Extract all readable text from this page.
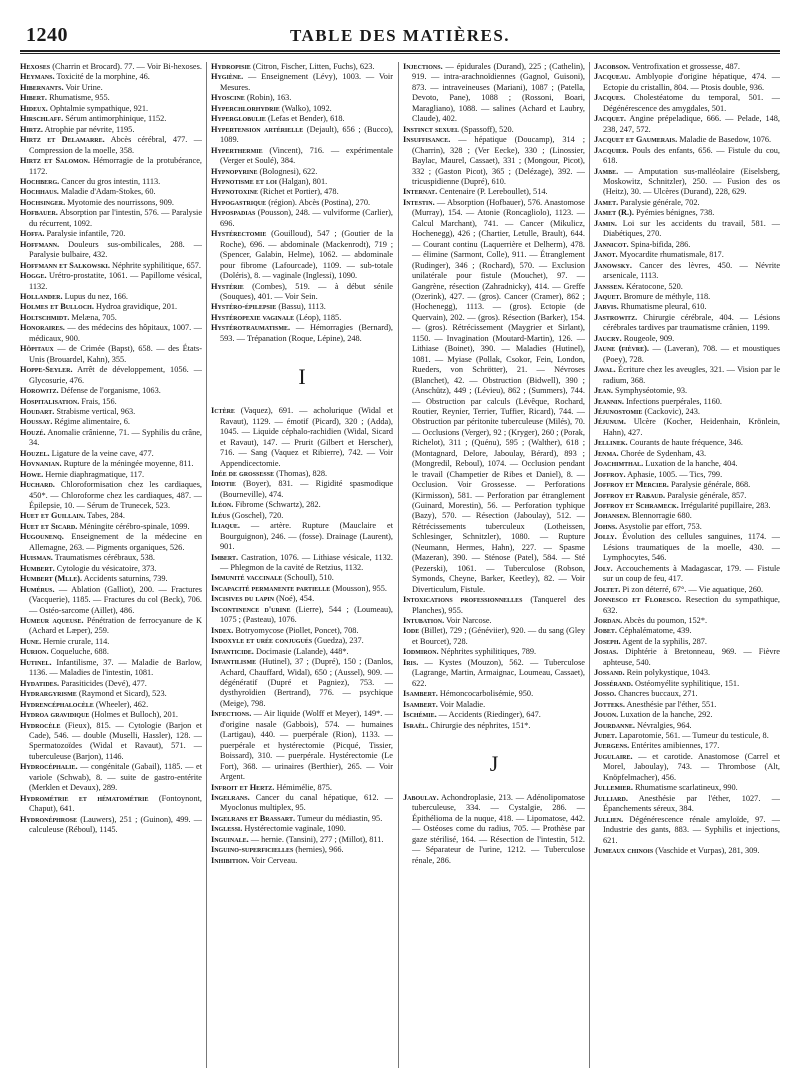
1240	TABLE DES MATIÈRES.

Hexoses (Charrin et Brocard). 77. — Voir Bi-hexoses.

Heymans. Toxicité de la morphine, 46.

Hibernants. Voir Urine.

Hibert. Rhumatisme, 955.

Hideux. Ophtalmie sympathique, 921.

Hirschlaff. Sérum antimorphinique, 1152.

Hirtz. Atrophie par névrite, 1195.

Hirtz et Delamarre. Abcès cérébral, 477. — Compression de la moelle, 358.

Hirtz et Salomon. Hémorragie de la protubérance, 1172.

Hochberg. Cancer du gros intestin, 1113.

Hochhaus. Maladie d'Adam-Stokes, 60.

Hochsinger. Myotomie des nourrissons, 909.

Hofbauer. Absorption par l'intestin, 576. — Paralysie du récurrent, 1092.

Hoffa. Paralysie infantile, 720.

Hoffmann. Douleurs sus-ombilicales, 288. — Paralysie bulbaire, 432.

Hoffmann et Salkowski. Néphrite syphilitique, 657.

Hogge. Urétro-prostatite, 1061. — Papillome vésical, 1132.

Hollander. Lupus du nez, 166.

Holmes et Bulloch. Hydroa gravidique, 201.

Holtschmidt. Melæna, 705.

Honoraires. — des médecins des hôpitaux, 1007. — médicaux, 900.

Hôpitaux — de Crimée (Bapst), 658. — des États-Unis (Brouardel, Kahn), 355.

Hoppe-Seyler. Arrêt de développement, 1056. — Glycosurie, 476.

Horowitz. Défense de l'organisme, 1063.

Hospitalisation. Frais, 156.

Houdart. Strabisme vertical, 963.

Houssay. Régime alimentaire, 6.

Houzé. Anomalie crânienne, 71. — Syphilis du crâne, 34.

Houzel. Ligature de la veine cave, 477.

Hovnanian. Rupture de la méningée moyenne, 811.

Howe. Hernie diaphragmatique, 117.

Huchard. Chloroformisation chez les cardiaques, 450*. — Chloroforme chez les cardiaques, 487. — Épilepsie, 10. — Sérum de Trunecek, 523.

Huet et Guillain. Tabes, 284.

Huet et Sicard. Méningite cérébro-spinale, 1099.

Hugounenq. Enseignement de la médecine en Allemagne, 263. — Pigments organiques, 526.

Huisman. Traumatismes cérébraux, 538.

Humbert. Cytologie du vésicatoire, 373.

Humbert (Mlle). Accidents saturnins, 739.

Humérus. — Ablation (Galliot), 200. — Fractures (Vacquerie), 1185. — Fractures du col (Beck), 706. — Ostéo-sarcome (Aillet), 486.

Humeur aqueuse. Pénétration de ferrocyanure de K (Achard et Læper), 259.

Hune. Hernie crurale, 114.

Hurion. Coqueluche, 688.

Hutinel. Infantilisme, 37. — Maladie de Barlow, 1136. — Maladies de l'intestin, 1081.

Hydatides. Parasiticides (Devé), 477.

Hydrargyrisme (Raymond et Sicard), 523.

Hydrencéphalocèle (Wheeler), 462.

Hydroa gravidique (Holmes et Bulloch), 201.

Hydrocèle (Fieux), 815. — Cytologie (Barjon et Cade), 546. — double (Muselli, Hassler), 128. — Spermatozoïdes (Widal et Ravaut), 571. — tuberculeuse (Barjon), 1146.

Hydrocéphalie. — congénitale (Gabail), 1185. — et variole (Schwab), 8. — suite de gastro-entérite (Merklen et Devaux), 289.

Hydrométrie et hématométrie (Fontoynont, Chaput), 641.

Hydronéphrose (Lauwers), 251 ; (Guinon), 499. — calculeuse (Réboul), 1145.

Hydropisie (Citron, Fischer, Litten, Fuchs), 623.

Hygiène. — Enseignement (Lévy), 1003. — Voir Mesures.

Hyoscine (Robin), 163.

Hyperchlorhydrie (Walko), 1092.

Hyperglobulie (Lefas et Bender), 618.

Hypertension artérielle (Dejault), 656 ; (Bucco), 1089.

Hyperthermie (Vincent), 716. — expérimentale (Verger et Soulé), 384.

Hypnopyrine (Bolognesi), 622.

Hypnotisme et loi (Halgan), 801.

Hypnotoxine (Richet et Portier), 478.

Hypogastrique (région). Abcès (Postina), 270.

Hypospadias (Pousson), 248. — vulviforme (Carlier), 696.

Hystérectomie (Gouilloud), 547 ; (Goutier de la Roche), 696. — abdominale (Mackenrodt), 719 ; (Spencer, Galabin, Helme), 1062. — abdominale pour fibrome (Lafourcade), 1109. — sub-totale (Doléris), 8. — vaginale (Inglessi), 1090.

Hystérie (Combes), 519. — à début sénile (Souques), 401. — Voir Sein.

Hystéro-épilepsie (Bassu), 1113.

Hystéropexie vaginale (Léop), 1185.

Hystérotraumatisme. — Hémorragies (Bernard), 593. — Trépanation (Roque, Lépine), 248.

I

Ictère (Vaquez), 691. — acholurique (Widal et Ravaut), 1129. — émotif (Picard), 320 ; (Adda), 1045. — Liquide céphalo-rachidien (Widal, Sicard et Ravaut), 147. — Prurit (Gilbert et Herscher), 716. — Sang (Vaquez et Ribierre), 742. — Voir Appendicectomie.

Idée de grossesse (Thomas), 828.

Idiotie (Boyer), 831. — Rigidité spasmodique (Bourneville), 474.

Iléon. Fibrome (Schwartz), 282.

Iléus (Goschel), 720.

Iliaque. — artère. Rupture (Mauclaire et Bourguignon), 246. — (fosse). Drainage (Laurent), 901.

Imbert. Castration, 1076. — Lithiase vésicale, 1132. — Phlegmon de la cavité de Retzius, 1132.

Immunité vaccinale (Schoull), 510.

Incapacité permanente partielle (Mousson), 955.

Incisives du lapin (Noé), 454.

Incontinence d'urine (Lierre), 544 ; (Loumeau), 1075 ; (Pasteau), 1076.

Index. Botryomycose (Piollet, Poncet), 708.

Indoxyle et urée conjugués (Guedza), 237.

Infanticide. Docimasie (Lalande), 448*.

Infantilisme (Hutinel), 37 ; (Dupré), 150 ; (Danlos, Achard, Chauffard, Widal), 650 ; (Aussel), 909. — dégénératif (Dupré et Pagniez), 753. — dysthyroïdien (Bertrand), 776. — psychique (Meige), 798.

Infections. — Air liquide (Wolff et Meyer), 149*. — d'origine nasale (Gabbois), 574. — humaines (Lartigau), 440. — puerpérale (Rion), 1133. — puerpérale et hystérectomie (Picqué, Tissier, Boissard), 310. — puerpérale. Hystérectomie (Le Fort), 368. — urinaires (Berthier), 265. — Voir Argent.

Infroit et Hertz. Hémimélie, 875.

Ingelrans. Cancer du canal hépatique, 612. — Myoclonus multiplex, 95.

Ingelrans et Brassart. Tumeur du médiastin, 95.

Inglessi. Hystérectomie vaginale, 1090.

Inguinale. — hernie. (Tansini), 277 ; (Millot), 811.

Inguino-superficielles (hernies), 966.

Inhibition. Voir Cerveau.

Injections. — épidurales (Durand), 225 ; (Cathelin), 919. — intra-arachnoïdiennes (Gagnol, Guisoni), 873. — intraveineuses (Mariani), 1087 ; (Patella, Devoto, Pane), 1088 ; (Rossoni, Boari, Maragliano), 1088. — salines (Achard et Laubry, Claude), 402.

Instinct sexuel (Spassoff), 520.

Insuffisance. — hépatique (Doucamp), 314 ; (Charrin), 328 ; (Ver Eecke), 330 ; (Linossier, Baylac, Maurel, Cassaet), 331 ; (Mongour, Picot), 332 ; (Gaston Picot), 365 ; (Delézage), 392. — tricuspidienne (Dupré), 610.

Internat. Centenaire (P. Lereboullet), 514.

Intestin. — Absorption (Hofbauer), 576. Anastomose (Murray), 154. — Atonie (Roncagliolo), 1123. — Calcul Marchant), 741. — Cancer (Mikulicz, Hochenegg), 426 ; (Chartier, Letulle, Brault), 644. — Courant continu (Laquerrière et Delherm), 478. — élimine (Sarmont, Colle), 911. — Étranglement (Rudinger), 346 ; (Rochard), 570. — Exclusion unilatérale pour fistule (Mouchet), 97. — Gangrène, résection (Zahradnicky), 414. — Greffe (Ozerink), 427. — (gros). Cancer (Cramer), 862 ; (Hochenegg), 1113. — (gros). Ectopie (de Quervain), 202. — (gros). Résection (Barker), 154. — (gros). Rétrécissement (Maygrier et Sirlant), 1150. — Invagination (Moutard-Martin), 126. — Lithiase (Boinet), 390. — Maladies (Hutinel), 1081. — Myiase (Pollak, Csokor, Fein, London, Rueders, von Schrötter), 21. — Névroses (Blanchet), 42. — Obstruction (Bidwell), 390 ; (Anschütz), 449 ; (Lévieu), 862 ; (Summers), 744. — Obstruction par calculs (Lévêque, Rochard, Routier, Reynier, Terrier, Tuffier, Ricard), 744. — Obstruction par péritonite tuberculeuse (Milés), 70. — Occlusions (Verger), 92 ; (Kryger), 260 ; (Porak, Richelot), 311 ; (Quénu), 595 ; (Walther), 618 ; (Montagnard, Delore, Jaboulay, Bérard), 893 ; (Mongredil, Reboul), 1074. — Occlusion pendant le travail (Champetier de Ribes et Daniel), 8. — Occlusion. Voir Grossesse. — Perforations (Kirmisson), 581. — Perforation par étranglement (Guinard, Morestin), 56. — Perforation typhique (Bazy), 570. — Résection (Jaboulay), 512. — Rétrécissements tuberculeux (Lotheissen, Schlesinger, Schnitzler), 1080. — Rupture (Neumann, Hermes, Hahn), 227. — Spasme (Mazeran), 390. — Sténose (Patel), 584. — Sté (Pezerski), 1061. — Tuberculose (Robson, Symonds, Cheyne, Barker, Keetley), 82. — Voir Diverticulum, Fistule.

Intoxications professionnelles (Tanquerel des Planches), 955.

Intubation. Voir Narcose.

Iode (Billet), 729 ; (Généviier), 920. — du sang (Gley et Bourcet), 728.

Iodmiron. Néphrites syphilitiques, 789.

Iris. — Kystes (Mouzon), 562. — Tuberculose (Lagrange, Martin, Armaignac, Loumeau, Cassaet), 622.

Isambert. Hémoncocarbolisémie, 950.

Isambert. Voir Maladie.

Ischémie. — Accidents (Riedinger), 647.

Israël. Chirurgie des néphrites, 151*.

J

Jaboulay. Achondroplasie, 213. — Adénolipomatose tuberculeuse, 334. — Cystalgie, 286. — Épithélioma de la nuque, 418. — Lipomatose, 442. — Ostéoses come du radius, 705. — Prothèse par gaze stérilisé, 164. — Résection de l'intestin, 512. — Séparateur de l'urine, 1212. — Tuberculose rénale, 286.

Jacobson. Ventrofixation et grossesse, 487.

Jacqueau. Amblyopie d'origine hépatique, 474. — Ectopie du cristallin, 804. — Ptosis double, 936.

Jacques. Cholestéatome du temporal, 501. — Dégénérescence des amygdales, 501.

Jacquet. Angine prépeladique, 666. — Pelade, 148, 238, 247, 572.

Jacquet et Gaumerais. Maladie de Basedow, 1076.

Jacquier. Pouls des enfants, 656. — Fistule du cou, 618.

Jambe. — Amputation sus-malléolaire (Eiselsberg, Moskowitz, Schnitzler), 250. — Fusion des os (Heitz), 30. — Ulcères (Durand), 228, 629.

Jamet. Paralysie générale, 702.

Jamet (R.). Pyémies bénignes, 738.

Jamin. Loi sur les accidents du travail, 581. — Diabétiques, 270.

Jannicot. Spina-bifida, 286.

Janot. Myocardite rhumatismale, 817.

Janowsky. Cancer des lèvres, 450. — Névrite arsenicale, 1113.

Janssen. Kératocone, 520.

Jaquet. Bromure de méthyle, 118.

Jarvis. Rhumatisme pleural, 610.

Jastrowitz. Chirurgie cérébrale, 404. — Lésions cérébrales tardives par traumatisme crânien, 1199.

Jaucry. Rougeole, 909.

Jaune (fièvre). — (Laveran), 708. — et moustiques (Poey), 728.

Javal. Écriture chez les aveugles, 321. — Vision par le radium, 368.

Jean. Symphyséotomie, 93.

Jeannin. Infections puerpérales, 1160.

Jéjunostomie (Cackovic), 243.

Jéjunum. Ulcère (Kocher, Heidenhain, Krönlein, Hahn), 427.

Jellinek. Courants de haute fréquence, 346.

Jenma. Chorée de Sydenham, 43.

Joachimthal. Luxation de la hanche, 404.

Joffroy. Aphasie, 1005. — Tics, 799.

Joffroy et Mercier. Paralysie générale, 868.

Joffroy et Rabaud. Paralysie générale, 857.

Joffroy et Schrameck. Irrégularité pupillaire, 283.

Johansen. Blennorragie 680.

Johns. Asystolie par effort, 753.

Jolly. Évolution des cellules sanguines, 1174. — Lésions traumatiques de la moelle, 430. — Lymphocytes, 546.

Joly. Accouchements à Madagascar, 179. — Fistule sur un coup de feu, 417.

Joltet. Pi zon déterré, 67°. — Vie aquatique, 260.

Jonnesco et Floresco. Resection du sympathique, 632.

Jordan. Abcès du poumon, 152*.

Jobet. Céphalématome, 439.

Joseph. Agent de la syphilis, 287.

Josias. Diphtérie à Bretonneau, 969. — Fièvre aphteuse, 540.

Jossand. Rein polykystique, 1043.

Jossérand. Ostéomyélite syphilitique, 151.

Josso. Chancres buccaux, 271.

Jotteks. Anesthésie par l'éther, 551.

Jouon. Luxation de la hanche, 292.

Jourdanne. Névralgies, 964.

Judet. Laparotomie, 561. — Tumeur du testicule, 8.

Juergens. Entérites amibiennes, 177.

Jugulaire. — et carotide. Anastomose (Carrel et Morel, Jaboulay), 743. — Thrombose (Alt, Knöpfelmacher), 456.

Jullemier. Rhumatisme scarlatineux, 990.

Julliard. Anesthésie par l'éther, 1027. — Épanchements séreux, 384.

Jullien. Dégénérescence rénale amyloïde, 97. — Industrie des gants, 883. — Syphilis et injections, 621.

Jumeaux chinois (Vaschide et Vurpas), 281, 309.
